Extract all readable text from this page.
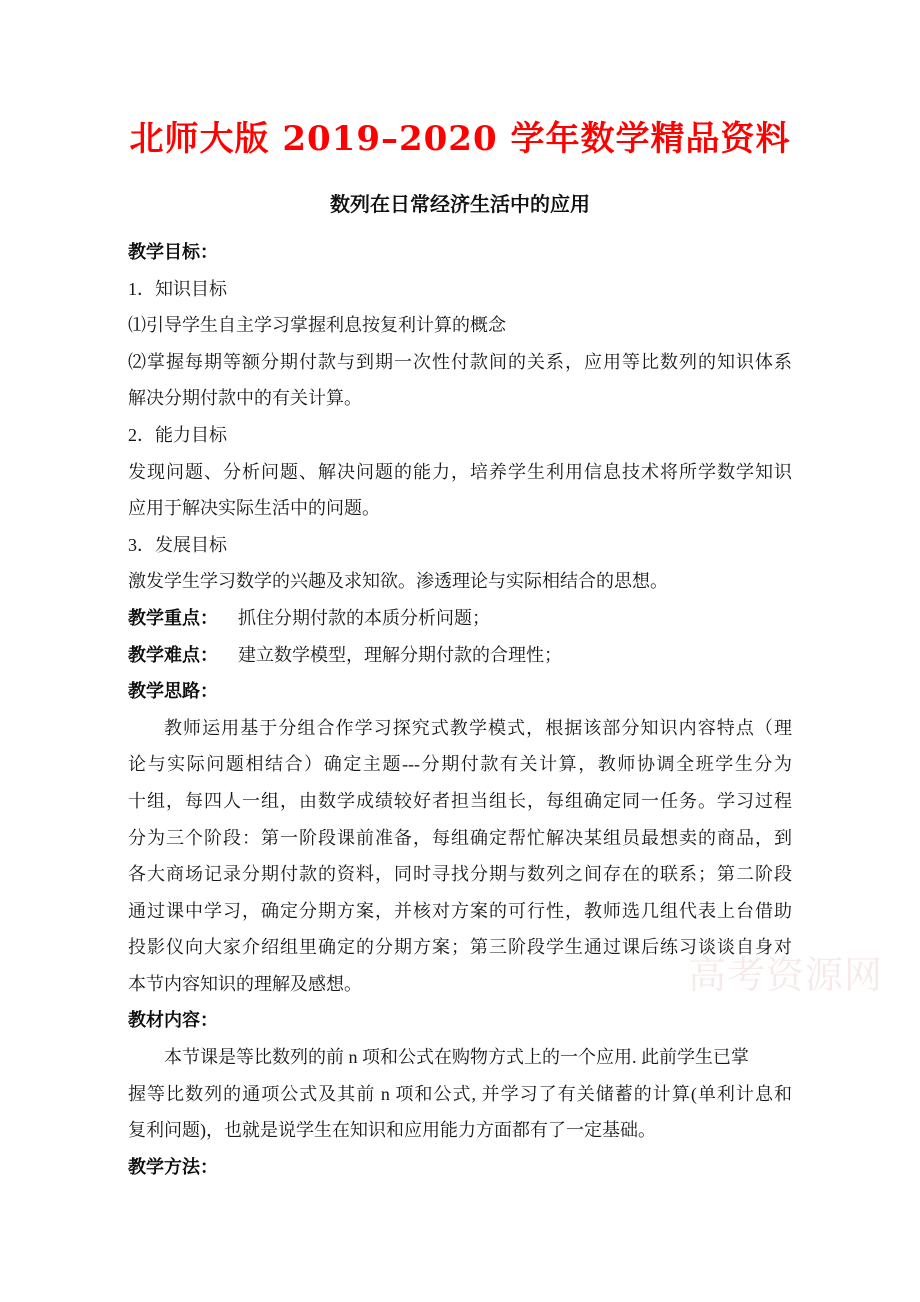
高考资源网
北师大版 2019–2020 学年数学精品资料
数列在日常经济生活中的应用
教学目标：
1．知识目标
⑴引导学生自主学习掌握利息按复利计算的概念
⑵掌握每期等额分期付款与到期一次性付款间的关系，应用等比数列的知识体系
解决分期付款中的有关计算。
2．能力目标
发现问题、分析问题、解决问题的能力，培养学生利用信息技术将所学数学知识
应用于解决实际生活中的问题。
3．发展目标
激发学生学习数学的兴趣及求知欲。渗透理论与实际相结合的思想。
教学重点： 抓住分期付款的本质分析问题；
教学难点： 建立数学模型，理解分期付款的合理性；
教学思路：
教师运用基于分组合作学习探究式教学模式，根据该部分知识内容特点（理
论与实际问题相结合）确定主题---分期付款有关计算，教师协调全班学生分为
十组，每四人一组，由数学成绩较好者担当组长，每组确定同一任务。学习过程
分为三个阶段：第一阶段课前准备，每组确定帮忙解决某组员最想卖的商品，到
各大商场记录分期付款的资料，同时寻找分期与数列之间存在的联系；第二阶段
通过课中学习，确定分期方案，并核对方案的可行性，教师选几组代表上台借助
投影仪向大家介绍组里确定的分期方案；第三阶段学生通过课后练习谈谈自身对
本节内容知识的理解及感想。
教材内容：
本节课是等比数列的前 n 项和公式在购物方式上的一个应用. 此前学生已掌
握等比数列的通项公式及其前 n 项和公式, 并学习了有关储蓄的计算(单利计息和
复利问题)，也就是说学生在知识和应用能力方面都有了一定基础。
教学方法：
